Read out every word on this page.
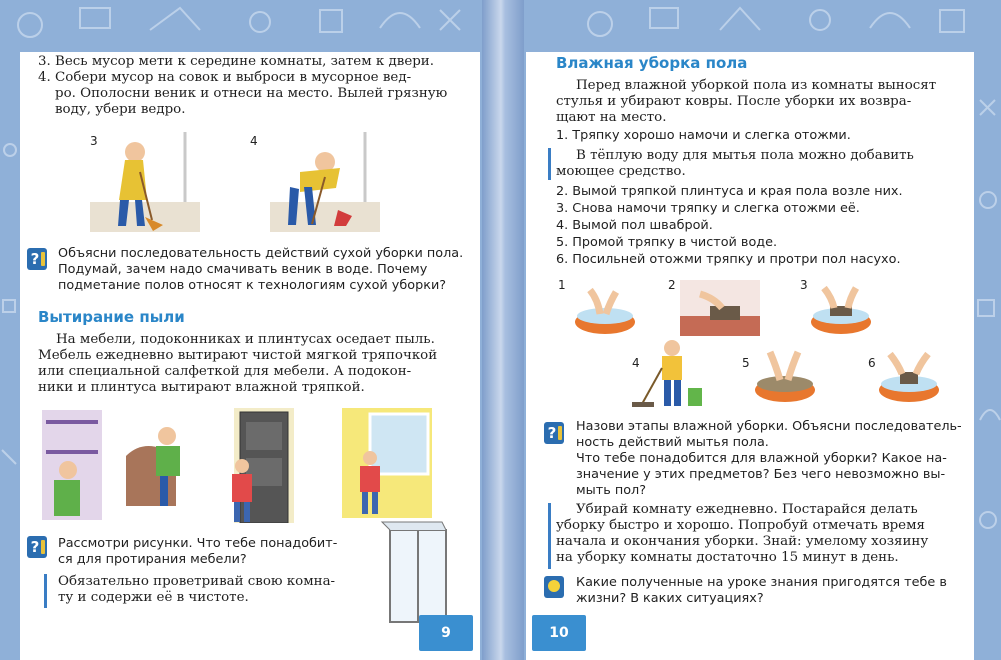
3. Весь мусор мети к середине комнаты, затем к двери.

4. Собери мусор на совок и выброси в мусорное вед-

ро. Ополосни веник и отнеси на место. Вылей грязную

воду, убери ведро.

3	4
?	Объясни последовательность действий сухой уборки пола.

Подумай, зачем надо смачивать веник в воде. Почему

подметание полов относят к технологиям сухой уборки?

Вытирание пыли

На мебели, подоконниках и плинтусах оседает пыль.

Мебель ежедневно вытирают чистой мягкой тряпочкой

или специальной салфеткой для мебели. А подокон-

ники и плинтуса вытирают влажной тряпкой.

?	Рассмотри рисунки. Что тебе понадобит-

ся для протирания мебели?

Обязательно проветривай свою комна-

ту и содержи её в чистоте.

9
Влажная уборка пола

Перед влажной уборкой пола из комнаты выносят

стулья и убирают ковры. После уборки их возвра-

щают на место.

1. Тряпку хорошо намочи и слегка отожми.

В тёплую воду для мытья пола можно добавить

моющее средство.

2. Вымой тряпкой плинтуса и края пола возле них.

3. Снова намочи тряпку и слегка отожми её.

4. Вымой пол шваброй.

5. Промой тряпку в чистой воде.

6. Посильней отожми тряпку и протри пол насухо.

1	2	3
4	5	6
?	Назови этапы влажной уборки. Объясни последователь-

ность действий мытья пола.

Что тебе понадобится для влажной уборки? Какое на-

значение у этих предметов? Без чего невозможно вы-

мыть пол?

Убирай комнату ежедневно. Постарайся делать

уборку быстро и хорошо. Попробуй отмечать время

начала и окончания уборки. Знай: умелому хозяину

на уборку комнаты достаточно 15 минут в день.

Какие полученные на уроке знания пригодятся тебе в

жизни? В каких ситуациях?

10
